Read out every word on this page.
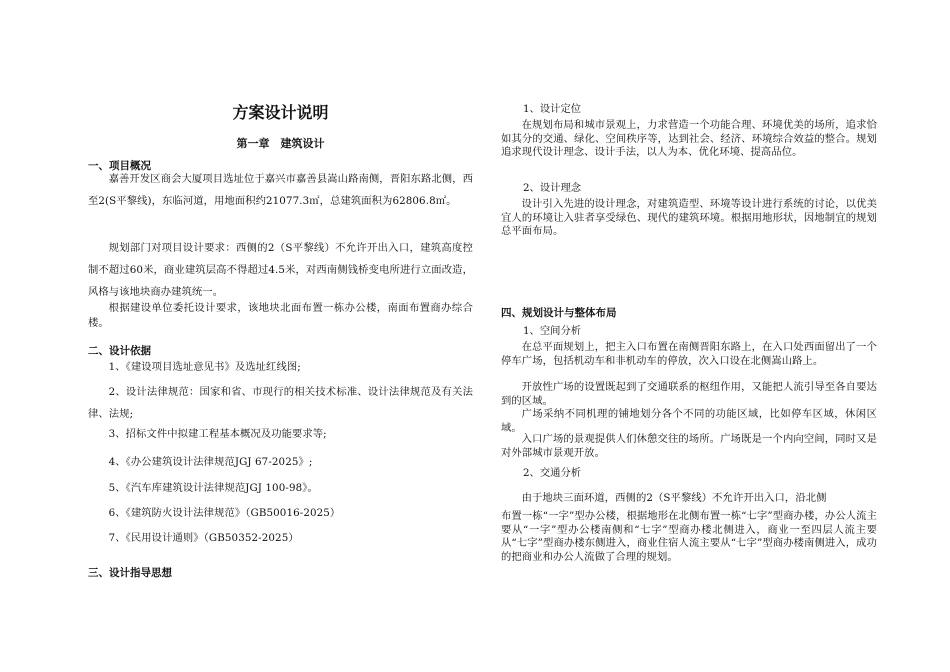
方案设计说明
第一章　建筑设计
一、项目概况

嘉善开发区商会大厦项目选址位于嘉兴市嘉善县嵩山路南侧，晋阳东路北侧，西至2(S平黎线)，东临河道，用地面积约21077.3㎡，总建筑面积为62806.8㎡。

规划部门对项目设计要求：西侧的2（S平黎线）不允许开出入口，建筑高度控制不超过60米，商业建筑层高不得超过4.5米，对西南侧钱桥变电所进行立面改造，风格与该地块商办建筑统一。

根据建设单位委托设计要求，该地块北面布置一栋办公楼，南面布置商办综合楼。

二、设计依据

1、《建设项目选址意见书》及选址红线图;

2、设计法律规范：国家和省、市现行的相关技术标准、设计法律规范及有关法律、法规;

3、招标文件中拟建工程基本概况及功能要求等;

4、《办公建筑设计法律规范JGJ 67-2025》;

5、《汽车库建筑设计法律规范JGJ 100-98》。

6、《建筑防火设计法律规范》（GB50016-2025）

7、《民用设计通则》（GB50352-2025）

三、设计指导思想

1、设计定位

在规划布局和城市景观上，力求营造一个功能合理、环境优美的场所，追求恰如其分的交通、绿化、空间秩序等，达到社会、经济、环境综合效益的整合。规划追求现代设计理念、设计手法，以人为本、优化环境、提高品位。

2、设计理念

设计引入先进的设计理念，对建筑造型、环境等设计进行系统的讨论，以优美宜人的环境让入驻者享受绿色、现代的建筑环境。根据用地形状，因地制宜的规划总平面布局。

四、规划设计与整体布局

1、空间分析

在总平面规划上，把主入口布置在南侧晋阳东路上，在入口处西面留出了一个停车广场，包括机动车和非机动车的停放，次入口设在北侧嵩山路上。

开放性广场的设置既起到了交通联系的枢纽作用，又能把人流引导至各自要达到的区域。

广场采纳不同机理的铺地划分各个不同的功能区域，比如停车区域，休闲区域。

入口广场的景观提供人们休憩交往的场所。广场既是一个内向空间，同时又是对外部城市景观开放。

2、交通分析

由于地块三面环道，西侧的2（S平黎线）不允许开出入口，沿北侧

布置一栋“一字”型办公楼，根据地形在北侧布置一栋“七字”型商办楼，办公人流主要从“一字”型办公楼南侧和“七字”型商办楼北侧进入，商业一至四层人流主要从“七字”型商办楼东侧进入，商业住宿人流主要从“七字”型商办楼南侧进入，成功的把商业和办公人流做了合理的规划。
